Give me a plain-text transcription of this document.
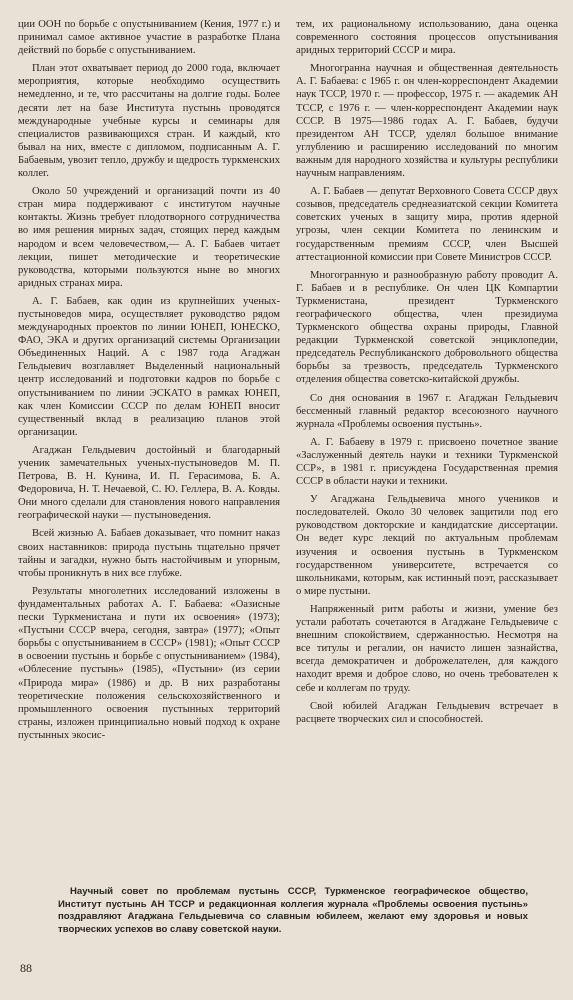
ции ООН по борьбе с опустыниванием (Кения, 1977 г.) и принимал самое активное участие в разработке Плана действий по борьбе с опустыниванием.

План этот охватывает период до 2000 года, включает мероприятия, которые необходимо осуществить немедленно, и те, что рассчитаны на долгие годы. Более десяти лет на базе Института пустынь проводятся международные учебные курсы и семинары для специалистов развивающихся стран. И каждый, кто бывал на них, вместе с дипломом, подписанным А. Г. Бабаевым, увозит тепло, дружбу и щедрость туркменских коллег.

Около 50 учреждений и организаций почти из 40 стран мира поддерживают с институтом научные контакты. Жизнь требует плодотворного сотрудничества во имя решения мирных задач, стоящих перед каждым народом и всем человечеством,— А. Г. Бабаев читает лекции, пишет методические и теоретические руководства, которыми пользуются ныне во многих аридных странах мира.

А. Г. Бабаев, как один из крупнейших ученых-пустыноведов мира, осуществляет руководство рядом международных проектов по линии ЮНЕП, ЮНЕСКО, ФАО, ЭКА и других организаций системы Организации Объединенных Наций. А с 1987 года Агаджан Гельдыевич возглавляет Выделенный национальный центр исследований и подготовки кадров по борьбе с опустыниванием по линии ЭСКАТО в рамках ЮНЕП, как член Комиссии СССР по делам ЮНЕП вносит существенный вклад в реализацию планов этой организации.

Агаджан Гельдыевич достойный и благодарный ученик замечательных ученых-пустыноведов М. П. Петрова, В. Н. Кунина, И. П. Герасимова, Б. А. Федоровича, Н. Т. Нечаевой, С. Ю. Геллера, В. А. Ковды. Они много сделали для становления нового направления географической науки — пустыноведения.

Всей жизнью А. Бабаев доказывает, что помнит наказ своих наставников: природа пустынь тщательно прячет тайны и загадки, нужно быть настойчивым и упорным, чтобы проникнуть в них все глубже.

Результаты многолетних исследований изложены в фундаментальных работах А. Г. Бабаева: «Оазисные пески Туркменистана и пути их освоения» (1973); «Пустыни СССР вчера, сегодня, завтра» (1977); «Опыт борьбы с опустыниванием в СССР» (1981); «Опыт СССР в освоении пустынь и борьбе с опустыниванием» (1984), «Облесение пустынь» (1985), «Пустыни» (из серии «Природа мира» (1986) и др. В них разработаны теоретические положения сельскохозяйственного и промышленного освоения пустынных территорий страны, изложен принципиально новый подход к охране пустынных экосис-

тем, их рациональному использованию, дана оценка современного состояния процессов опустынивания аридных территорий СССР и мира.

Многогранна научная и общественная деятельность А. Г. Бабаева: с 1965 г. он член-корреспондент Академии наук ТССР, 1970 г. — профессор, 1975 г. — академик АН ТССР, с 1976 г. — член-корреспондент Академии наук СССР. В 1975—1986 годах А. Г. Бабаев, будучи президентом АН ТССР, уделял большое внимание углублению и расширению исследований по многим важным для народного хозяйства и культуры республики научным направлениям.

А. Г. Бабаев — депутат Верховного Совета СССР двух созывов, председатель среднеазиатской секции Комитета советских ученых в защиту мира, против ядерной угрозы, член секции Комитета по ленинским и государственным премиям СССР, член Высшей аттестационной комиссии при Совете Министров СССР.

Многогранную и разнообразную работу проводит А. Г. Бабаев и в республике. Он член ЦК Компартии Туркменистана, президент Туркменского географического общества, член президиума Туркменского общества охраны природы, Главной редакции Туркменской советской энциклопедии, председатель Республиканского добровольного общества борьбы за трезвость, председатель Туркменского отделения общества советско-китайской дружбы.

Со дня основания в 1967 г. Агаджан Гельдыевич бессменный главный редактор всесоюзного научного журнала «Проблемы освоения пустынь».

А. Г. Бабаеву в 1979 г. присвоено почетное звание «Заслуженный деятель науки и техники Туркменской ССР», в 1981 г. присуждена Государственная премия СССР в области науки и техники.

У Агаджана Гельдыевича много учеников и последователей. Около 30 человек защитили под его руководством докторские и кандидатские диссертации. Он ведет курс лекций по актуальным проблемам изучения и освоения пустынь в Туркменском государственном университете, встречается со школьниками, которым, как истинный поэт, рассказывает о мире пустыни.

Напряженный ритм работы и жизни, умение без устали работать сочетаются в Агаджане Гельдыевиче с внешним спокойствием, сдержанностью. Несмотря на все титулы и регалии, он начисто лишен зазнайства, всегда демократичен и доброжелателен, для каждого находит время и доброе слово, но очень требователен к себе и коллегам по труду.

Свой юбилей Агаджан Гельдыевич встречает в расцвете творческих сил и способностей.

Научный совет по проблемам пустынь СССР, Туркменское географическое общество, Институт пустынь АН ТССР и редакционная коллегия журнала «Проблемы освоения пустынь» поздравляют Агаджана Гельдыевича со славным юбилеем, желают ему здоровья и новых творческих успехов во славу советской науки.

88
